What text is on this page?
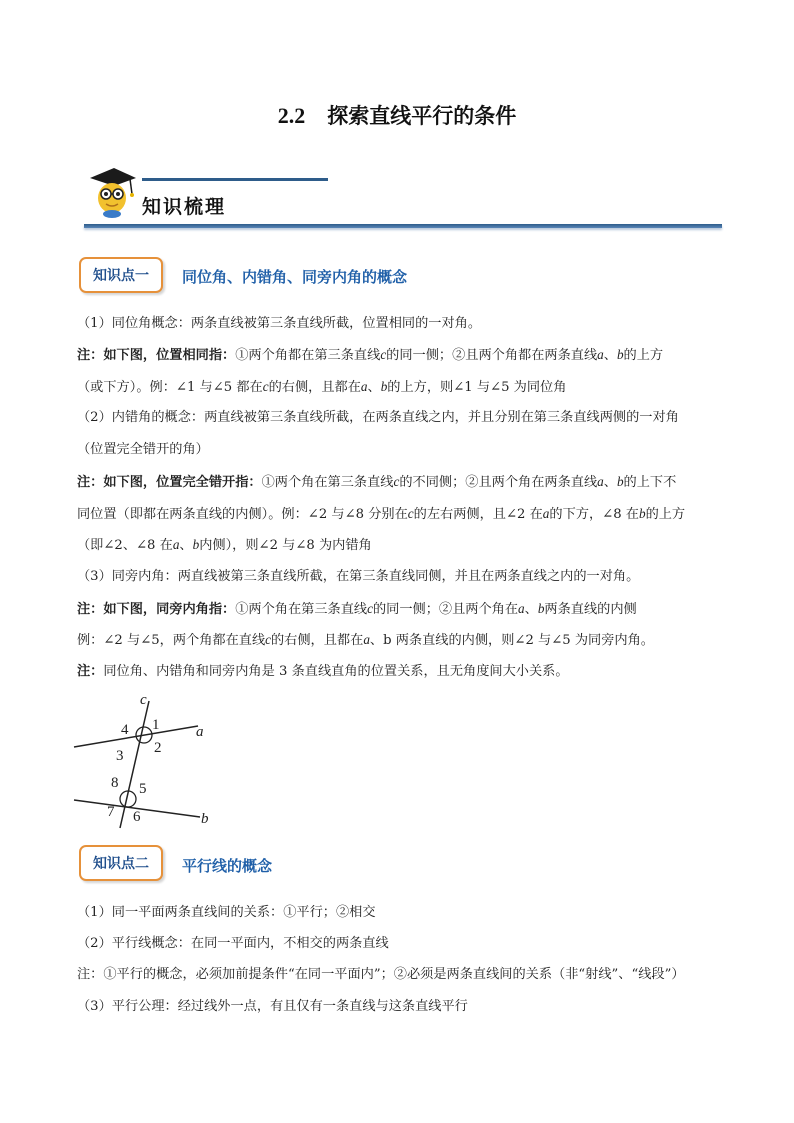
2.2 探索直线平行的条件
知识梳理
知识点一	同位角、内错角、同旁内角的概念
（1）同位角概念：两条直线被第三条直线所截，位置相同的一对角。
注：如下图，位置相同指：①两个角都在第三条直线c的同一侧；②且两个角都在两条直线a、b的上方
（或下方）。例：∠1 与∠5 都在c的右侧，且都在a、b的上方，则∠1 与∠5 为同位角
（2）内错角的概念：两直线被第三条直线所截，在两条直线之内，并且分别在第三条直线两侧的一对角
（位置完全错开的角）
注：如下图，位置完全错开指：①两个角在第三条直线c的不同侧；②且两个角在两条直线a、b的上下不
同位置（即都在两条直线的内侧）。例：∠2 与∠8 分别在c的左右两侧，且∠2 在a的下方，∠8 在b的上方
（即∠2、∠8 在a、b内侧），则∠2 与∠8 为内错角
（3）同旁内角：两直线被第三条直线所截，在第三条直线同侧，并且在两条直线之内的一对角。
注：如下图，同旁内角指：①两个角在第三条直线c的同一侧；②且两个角在a、b两条直线的内侧
例：∠2 与∠5，两个角都在直线c的右侧，且都在a、b 两条直线的内侧，则∠2 与∠5 为同旁内角。
注：同位角、内错角和同旁内角是 3 条直线直角的位置关系，且无角度间大小关系。
c
a
b
1
2
3
4
5
6
7
8
知识点二	平行线的概念
（1）同一平面两条直线间的关系：①平行；②相交
（2）平行线概念：在同一平面内，不相交的两条直线
注：①平行的概念，必须加前提条件“在同一平面内”；②必须是两条直线间的关系（非“射线”、“线段”）
（3）平行公理：经过线外一点，有且仅有一条直线与这条直线平行
